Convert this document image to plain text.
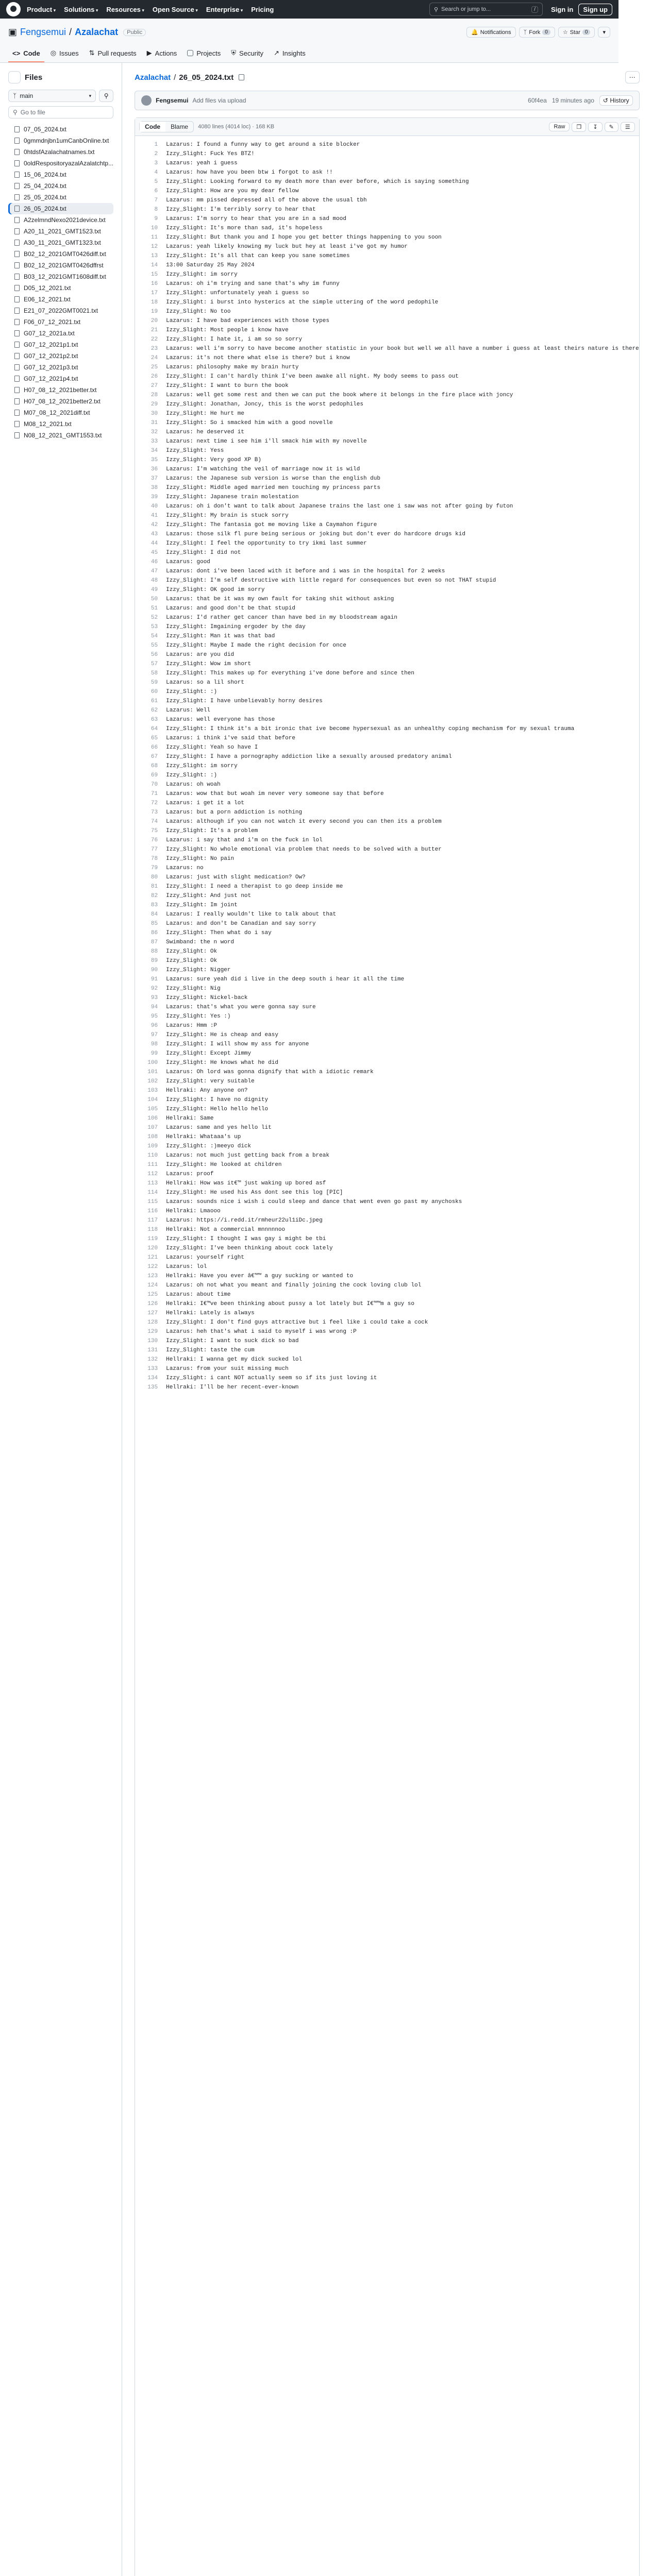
Product ▾	Solutions ▾	Resources ▾	Open Source ▾	Enterprise ▾	Pricing	⚲ Search or jump to...	/	Sign in	Sign up
▣ Fengsemui / Azalachat	Public	🔔 Notifications ᛉ Fork 0	☆ Star 0	▾
<> Code ◎ Issues ⇅ Pull requests ▶ Actions	Projects ⛨ Security ↗ Insights
Files
ᛉ main	▾ ⚲
⚲ Go to file
07_05_2024.txt
0gmmdnjbn1umCanbOnline.txt
0htdsfAzalachatnames.txt
0oldRespositoryazalAzalatchtp...
15_06_2024.txt
25_04_2024.txt
25_05_2024.txt
26_05_2024.txt
A2zelmndNexo2021device.txt
A20_11_2021_GMT1523.txt
A30_11_2021_GMT1323.txt
B02_12_2021GMT0426diff.txt
B02_12_2021GMT0426dffrst
B03_12_2021GMT1608diff.txt
D05_12_2021.txt
E06_12_2021.txt
E21_07_2022GMT0021.txt
F06_07_12_2021.txt
G07_12_2021a.txt
G07_12_2021p1.txt
G07_12_2021p2.txt
G07_12_2021p3.txt
G07_12_2021p4.txt
H07_08_12_2021better.txt
H07_08_12_2021better2.txt
M07_08_12_2021diff.txt
M08_12_2021.txt
N08_12_2021_GMT1553.txt
Azalachat / 26_05_2024.txt	⋯
Fengsemui Add files via upload	60f4ea 19 minutes ago	↺ History
Code	Blame	4080 lines (4014 loc) · 168 KB	Raw	❐	↧	✎	☰
1	Lazarus: I found a funny way to get around a site blocker
2	Izzy_Slight: Fuck Yes BTZ!
3	Lazarus: yeah i guess
4	Lazarus: how have you been btw i forgot to ask !!
5	Izzy_Slight: Looking forward to my death more than ever before, which is saying something
6	Izzy_Slight: How are you my dear fellow
7	Lazarus: mm pissed depressed all of the above the usual tbh
8	Izzy_Slight: I'm terribly sorry to hear that
9	Lazarus: I'm sorry to hear that you are in a sad mood
10	Izzy_Slight: It's more than sad, it's hopeless
11	Izzy_Slight: But thank you and I hope you get better things happening to you soon
12	Lazarus: yeah likely knowing my luck but hey at least i've got my humor
13	Izzy_Slight: It's all that can keep you sane sometimes
14	13:00 Saturday 25 May 2024
15	Izzy_Slight: im sorry
16	Lazarus: oh i'm trying and sane that's why im funny
17	Izzy_Slight: unfortunately yeah i guess so
18	Izzy_Slight: i burst into hysterics at the simple uttering of the word pedophile
19	Izzy_Slight: No too
20	Lazarus: I have bad experiences with those types
21	Izzy_Slight: Most people i know have
22	Izzy_Slight: I hate it, i am so so sorry
23	Lazarus: well i'm sorry to have become another statistic in your book but well we all have a number i guess at least theirs nature is there
24	Lazarus: it's not there what else is there? but i know
25	Lazarus: philosophy make my brain hurty
26	Izzy_Slight: I can't hardly think I've been awake all night. My body seems to pass out
27	Izzy_Slight: I want to burn the book
28	Lazarus: well get some rest and then we can put the book where it belongs in the fire place with joncy
29	Izzy_Slight: Jonathan, Joncy, this is the worst pedophiles
30	Izzy_Slight: He hurt me
31	Izzy_Slight: So i smacked him with a good novelle
32	Lazarus: he deserved it
33	Lazarus: next time i see him i'll smack him with my novelle
34	Izzy_Slight: Yess
35	Izzy_Slight: Very good XP B)
36	Lazarus: I'm watching the veil of marriage now it is wild
37	Lazarus: the Japanese sub version is worse than the english dub
38	Izzy_Slight: Middle aged married men touching my princess parts
39	Izzy_Slight: Japanese train molestation
40	Lazarus: oh i don't want to talk about Japanese trains the last one i saw was not after going by futon
41	Izzy_Slight: My brain is stuck sorry
42	Izzy_Slight: The fantasia got me moving like a Caymahon figure
43	Lazarus: those silk fl pure being serious or joking but don't ever do hardcore drugs kid
44	Izzy_Slight: I feel the opportunity to try ikmi last summer
45	Izzy_Slight: I did not
46	Lazarus: good
47	Lazarus: dont i've been laced with it before and i was in the hospital for 2 weeks
48	Izzy_Slight: I'm self destructive with little regard for consequences but even so not THAT stupid
49	Izzy_Slight: OK good im sorry
50	Lazarus: that be it was my own fault for taking shit without asking
51	Lazarus: and good don't be that stupid
52	Lazarus: I'd rather get cancer than have bed in my bloodstream again
53	Izzy_Slight: Imgaining ergoder by the day
54	Izzy_Slight: Man it was that bad
55	Izzy_Slight: Maybe I made the right decision for once
56	Lazarus: are you did
57	Izzy_Slight: Wow im short
58	Izzy_Slight: This makes up for everything i've done before and since then
59	Lazarus: so a lil short
60	Izzy_Slight: :)
61	Izzy_Slight: I have unbelievably horny desires
62	Lazarus: Well
63	Lazarus: well everyone has those
64	Izzy_Slight: I think it's a bit ironic that ive become hypersexual as an unhealthy coping mechanism for my sexual trauma
65	Lazarus: i think i've said that before
66	Izzy_Slight: Yeah so have I
67	Izzy_Slight: I have a pornography addiction like a sexually aroused predatory animal
68	Izzy_Slight: im sorry
69	Izzy_Slight: :)
70	Lazarus: oh woah
71	Lazarus: wow that but woah im never very someone say that before
72	Lazarus: i get it a lot
73	Lazarus: but a porn addiction is nothing
74	Lazarus: although if you can not watch it every second you can then its a problem
75	Izzy_Slight: It's a problem
76	Lazarus: i say that and i'm on the fuck in lol
77	Izzy_Slight: No whole emotional via problem that needs to be solved with a butter
78	Izzy_Slight: No pain
79	Lazarus: no
80	Lazarus: just with slight medication? Ow?
81	Izzy_Slight: I need a therapist to go deep inside me
82	Izzy_Slight: And just not
83	Izzy_Slight: Im joint
84	Lazarus: I really wouldn't like to talk about that
85	Lazarus: and don't be Canadian and say sorry
86	Izzy_Slight: Then what do i say
87	Swimband: the n word
88	Izzy_Slight: Ok
89	Izzy_Slight: Ok
90	Izzy_Slight: Nigger
91	Lazarus: sure yeah did i live in the deep south i hear it all the time
92	Izzy_Slight: Nig
93	Izzy_Slight: Nickel-back
94	Lazarus: that's what you were gonna say sure
95	Izzy_Slight: Yes :)
96	Lazarus: Hmm :P
97	Izzy_Slight: He is cheap and easy
98	Izzy_Slight: I will show my ass for anyone
99	Izzy_Slight: Except Jimmy
100	Izzy_Slight: He knows what he did
101	Lazarus: Oh lord was gonna dignify that with a idiotic remark
102	Izzy_Slight: very suitable
103	Hellraki: Any anyone on?
104	Izzy_Slight: I have no dignity
105	Izzy_Slight: Hello hello hello
106	Hellraki: Same
107	Lazarus: same and yes hello lit
108	Hellraki: Whataaa's up
109	Izzy_Slight: :)meeyo dick
110	Lazarus: not much just getting back from a break
111	Izzy_Slight: He looked at children
112	Lazarus: proof
113	Hellraki: How was it€™ just waking up bored asf
114	Izzy_Slight: He used his Ass dont see this log [PIC]
115	Lazarus: sounds nice i wish i could sleep and dance that went even go past my anychosks
116	Hellraki: Lmaooo
117	Lazarus: https://i.redd.it/rmheur22ul1iDc.jpeg
118	Hellraki: Not a commercial mnnnnnoo
119	Izzy_Slight: I thought I was gay i might be tbi
120	Izzy_Slight: I've been thinking about cock lately
121	Lazarus: yourself right
122	Lazarus: lol
123	Hellraki: Have you ever â€™™ a guy sucking or wanted to
124	Lazarus: oh not what you meant and finally joining the cock loving club lol
125	Lazarus: about time
126	Hellraki: I€™ve been thinking about pussy a lot lately but I€™™m a guy so
127	Hellraki: Lately is always
128	Izzy_Slight: I don't find guys attractive but i feel like i could take a cock
129	Lazarus: heh that's what i said to myself i was wrong :P
130	Izzy_Slight: I want to suck dick so bad
131	Izzy_Slight: taste the cum
132	Hellraki: I wanna get my dick sucked lol
133	Lazarus: from your suit missing much
134	Izzy_Slight: i cant NOT actually seem so if its just loving it
135	Hellraki: I'll be her recent-ever-known
